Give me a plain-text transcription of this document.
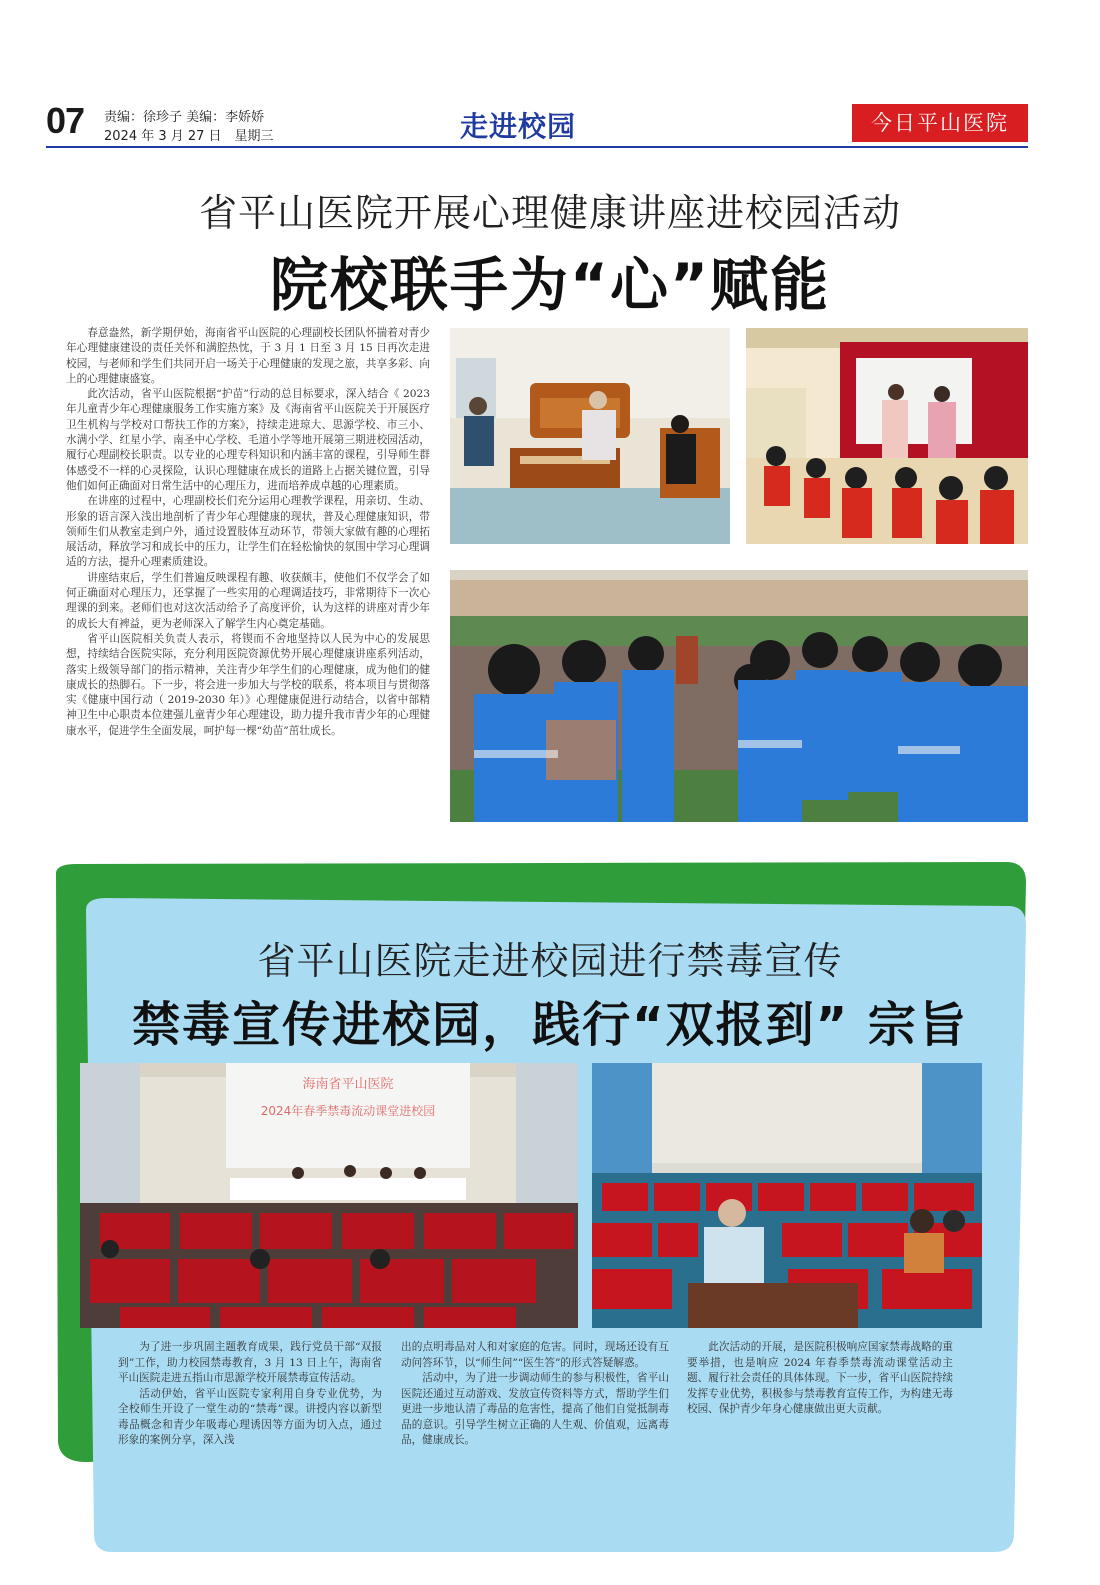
07 责编：徐珍子 美编：李娇娇
2024 年 3 月 27 日　星期三	走进校园	今日平山医院
省平山医院开展心理健康讲座进校园活动
院校联手为“心”赋能

春意盎然，新学期伊始，海南省平山医院的心理副校长团队怀揣着对青少年心理健康建设的责任关怀和满腔热忱，于 3 月 1 日至 3 月 15 日再次走进校园，与老师和学生们共同开启一场关于心理健康的发现之旅，共享多彩、向上的心理健康盛宴。

此次活动，省平山医院根据“护苗”行动的总目标要求，深入结合《 2023 年儿童青少年心理健康服务工作实施方案》及《海南省平山医院关于开展医疗卫生机构与学校对口帮扶工作的方案》，持续走进琼大、思源学校、市三小、水满小学、红星小学、南圣中心学校、毛道小学等地开展第三期进校园活动，履行心理副校长职责。以专业的心理专科知识和内涵丰富的课程，引导师生群体感受不一样的心灵探险，认识心理健康在成长的道路上占据关键位置，引导他们如何正确面对日常生活中的心理压力，进而培养成卓越的心理素质。

在讲座的过程中，心理副校长们充分运用心理教学课程，用亲切、生动、形象的语言深入浅出地剖析了青少年心理健康的现状，普及心理健康知识，带领师生们从教室走到户外，通过设置肢体互动环节，带领大家做有趣的心理拓展活动，释放学习和成长中的压力，让学生们在轻松愉快的氛围中学习心理调适的方法，提升心理素质建设。

讲座结束后，学生们普遍反映课程有趣、收获颇丰，使他们不仅学会了如何正确面对心理压力，还掌握了一些实用的心理调适技巧，非常期待下一次心理课的到来。老师们也对这次活动给予了高度评价，认为这样的讲座对青少年的成长大有裨益，更为老师深入了解学生内心奠定基础。

省平山医院相关负责人表示，将锲而不舍地坚持以人民为中心的发展思想，持续结合医院实际，充分利用医院资源优势开展心理健康讲座系列活动，落实上级领导部门的指示精神，关注青少年学生们的心理健康，成为他们的健康成长的热脚石。下一步，将会进一步加大与学校的联系，将本项目与贯彻落实《健康中国行动（ 2019-2030 年）》心理健康促进行动结合，以省中部精神卫生中心职责本位建强儿童青少年心理建设，助力提升我市青少年的心理健康水平，促进学生全面发展，呵护每一棵“幼苗”茁壮成长。

省平山医院走进校园进行禁毒宣传
禁毒宣传进校园，践行“双报到” 宗旨
海南省平山医院
2024年春季禁毒流动课堂进校园

为了进一步巩固主题教育成果，践行党员干部“双报到”工作，助力校园禁毒教育，3 月 13 日上午，海南省平山医院走进五指山市思源学校开展禁毒宣传活动。

活动伊始，省平山医院专家利用自身专业优势，为全校师生开设了一堂生动的“禁毒”课。讲授内容以新型毒品概念和青少年吸毒心理诱因等方面为切入点，通过形象的案例分享，深入浅

出的点明毒品对人和对家庭的危害。同时，现场还设有互动问答环节，以“师生问”“医生答”的形式答疑解惑。

活动中，为了进一步调动师生的参与积极性，省平山医院还通过互动游戏、发放宣传资料等方式，帮助学生们更进一步地认清了毒品的危害性，提高了他们自觉抵制毒品的意识。引导学生树立正确的人生观、价值观，远离毒品，健康成长。

此次活动的开展，是医院积极响应国家禁毒战略的重要举措，也是响应 2024 年春季禁毒流动课堂活动主题、履行社会责任的具体体现。下一步，省平山医院持续发挥专业优势，积极参与禁毒教育宣传工作，为构建无毒校园、保护青少年身心健康做出更大贡献。
